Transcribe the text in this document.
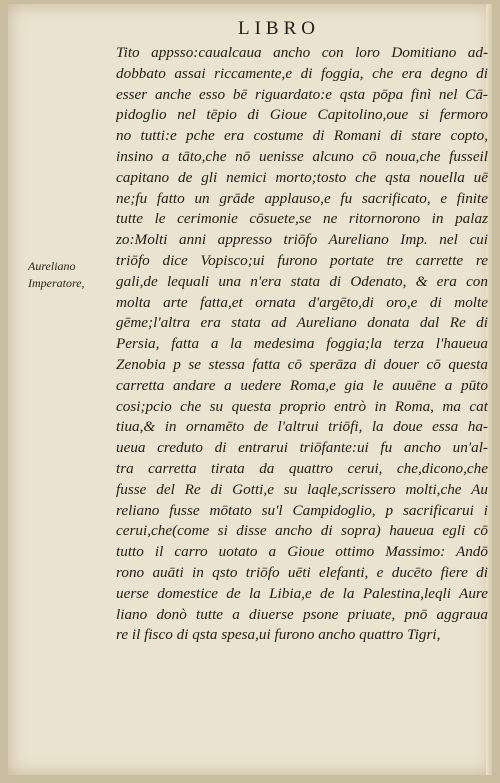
LIBRO
Aureliano
Imperatore,
Tito appsso:caualcaua ancho con loro Domitiano ad-
dobbato assai riccamente,e di foggia, che era degno di
esser anche esso bē riguardato:e qsta pōpa finì nel Cā-
pidoglio nel tēpio di Gioue Capitolino,oue si fermoro
no tutti:e pche era costume di Romani di stare copto,
insino a tāto,che nō uenisse alcuno cō noua,che fusseil
capitano de gli nemici morto;tosto che qsta nouella uē
ne;fu fatto un grāde applauso,e fu sacrificato, e finite
tutte le cerimonie cōsuete,se ne ritornorono in palaz
zo:Molti anni appresso triōfo Aureliano Imp. nel cui
triōfo dice Vopisco;ui furono portate tre carrette re
gali,de lequali una n'era stata di Odenato, & era con
molta arte fatta,et ornata d'argēto,di oro,e di molte
gēme;l'altra era stata ad Aureliano donata dal Re di
Persia, fatta a la medesima foggia;la terza l'haueua
Zenobia p se stessa fatta cō sperāza di douer cō questa
carretta andare a uedere Roma,e gia le auuēne a pūto
cosi;pcio che su questa proprio entrò in Roma, ma cat
tiua,& in ornamēto de l'altrui triōfi, la doue essa ha-
ueua creduto di entrarui triōfante:ui fu ancho un'al-
tra carretta tirata da quattro cerui, che,dicono,che
fusse del Re di Gotti,e su laqle,scrissero molti,che Au
reliano fusse mōtato su'l Campidoglio, p sacrificarui i
cerui,che(come si disse ancho di sopra) haueua egli cō
tutto il carro uotato a Gioue ottimo Massimo: Andō
rono auāti in qsto triōfo uēti elefanti, e ducēto fiere di
uerse domestice de la Libia,e de la Palestina,leqli Aure
liano donò tutte a diuerse psone priuate, pnō aggraua
re il fisco di qsta spesa,ui furono ancho quattro Tigri,
